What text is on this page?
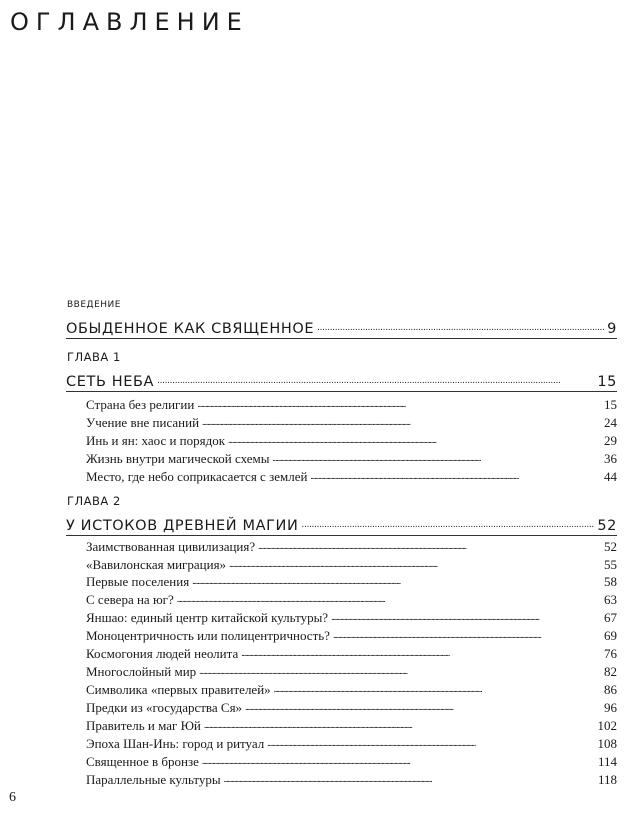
ОГЛАВЛЕНИЕ
введение
ОБЫДЕННОЕ КАК СВЯЩЕННОЕ . . .	9
ГЛАВА 1
СЕТЬ НЕБА . . .	15
Страна без религии . . .	15
Учение вне писаний . . .	24
Инь и ян: хаос и порядок . . .	29
Жизнь внутри магической схемы . . .	36
Место, где небо соприкасается с землей . . .	44
ГЛАВА 2
У ИСТОКОВ ДРЕВНЕЙ МАГИИ . . .	52
Заимствованная цивилизация? . . .	52
«Вавилонская миграция» . . .	55
Первые поселения . . .	58
С севера на юг? . . .	63
Яншао: единый центр китайской культуры? . . .	67
Моноцентричность или полицентричность? . . .	69
Космогония людей неолита . . .	76
Многослойный мир . . .	82
Символика «первых правителей» . . .	86
Предки из «государства Ся» . . .	96
Правитель и маг Юй . . .	102
Эпоха Шан-Инь: город и ритуал . . .	108
Священное в бронзе . . .	114
Параллельные культуры . . .	118
6
